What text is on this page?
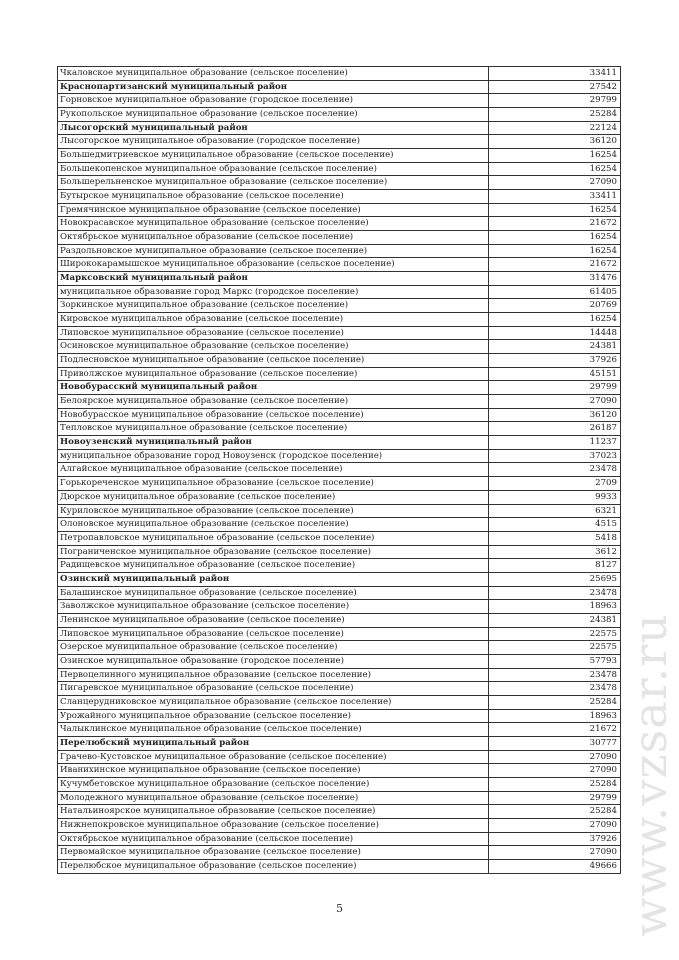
Чкаловское муниципальное образование (сельское поселение)	33411
Краснопартизанский муниципальный район	27542
Горновское муниципальное образование (городское поселение)	29799
Рукопольское муниципальное образование (сельское поселение)	25284
Лысогорский муниципальный район	22124
Лысогорское муниципальное образование (городское поселение)	36120
Большедмитриевское муниципальное образование (сельское поселение)	16254
Большекопенское муниципальное образование (сельское поселение)	16254
Большерельненское муниципальное образование (сельское поселение)	27090
Бутырское муниципальное образование (сельское поселение)	33411
Гремячинское муниципальное образование (сельское поселение)	16254
Новокрасавское муниципальное образование (сельское поселение)	21672
Октябрьское муниципальное образование (сельское поселение)	16254
Раздольновское муниципальное образование (сельское поселение)	16254
Ширококарамышское муниципальное образование (сельское поселение)	21672
Марксовский муниципальный район	31476
муниципальное образование город Маркс (городское поселение)	61405
Зоркинское муниципальное образование (сельское поселение)	20769
Кировское муниципальное образование (сельское поселение)	16254
Липовское муниципальное образование (сельское поселение)	14448
Осиновское муниципальное образование (сельское поселение)	24381
Подлесновское муниципальное образование (сельское поселение)	37926
Приволжское муниципальное образование (сельское поселение)	45151
Новобурасский муниципальный район	29799
Белоярское муниципальное образование (сельское поселение)	27090
Новобурасское муниципальное образование (сельское поселение)	36120
Тепловское муниципальное образование (сельское поселение)	26187
Новоузенский муниципальный район	11237
муниципальное образование город Новоузенск (городское поселение)	37023
Алгайское муниципальное образование (сельское поселение)	23478
Горькореченское муниципальное образование (сельское поселение)	2709
Дюрское муниципальное образование (сельское поселение)	9933
Куриловское муниципальное образование (сельское поселение)	6321
Олоновское муниципальное образование (сельское поселение)	4515
Петропавловское муниципальное образование (сельское поселение)	5418
Пограниченское муниципальное образование (сельское поселение)	3612
Радищевское муниципальное образование (сельское поселение)	8127
Озинский муниципальный район	25695
Балашинское муниципальное образование (сельское поселение)	23478
Заволжское муниципальное образование (сельское поселение)	18963
Ленинское муниципальное образование (сельское поселение)	24381
Липовское муниципальное образование (сельское поселение)	22575
Озерское муниципальное образование (сельское поселение)	22575
Озинское муниципальное образование (городское поселение)	57793
Первоцелинного муниципальное образование (сельское поселение)	23478
Пигаревское муниципальное образование (сельское поселение)	23478
Сланцерудниковское муниципальное образование (сельское поселение)	25284
Урожайного муниципальное образование (сельское поселение)	18963
Чалыклинское муниципальное образование (сельское поселение)	21672
Перелюбский муниципальный район	30777
Грачево-Кустовское муниципальное образование (сельское поселение)	27090
Иванихинское муниципальное образование (сельское поселение)	27090
Кучумбетовское муниципальное образование (сельское поселение)	25284
Молодежного муниципальное образование (сельское поселение)	29799
Натальиноярское муниципальное образование (сельское поселение)	25284
Нижнепокровское муниципальное образование (сельское поселение)	27090
Октябрьское муниципальное образование (сельское поселение)	37926
Первомайское муниципальное образование (сельское поселение)	27090
Перелюбское муниципальное образование (сельское поселение)	49666
5	www.vzsar.ru
